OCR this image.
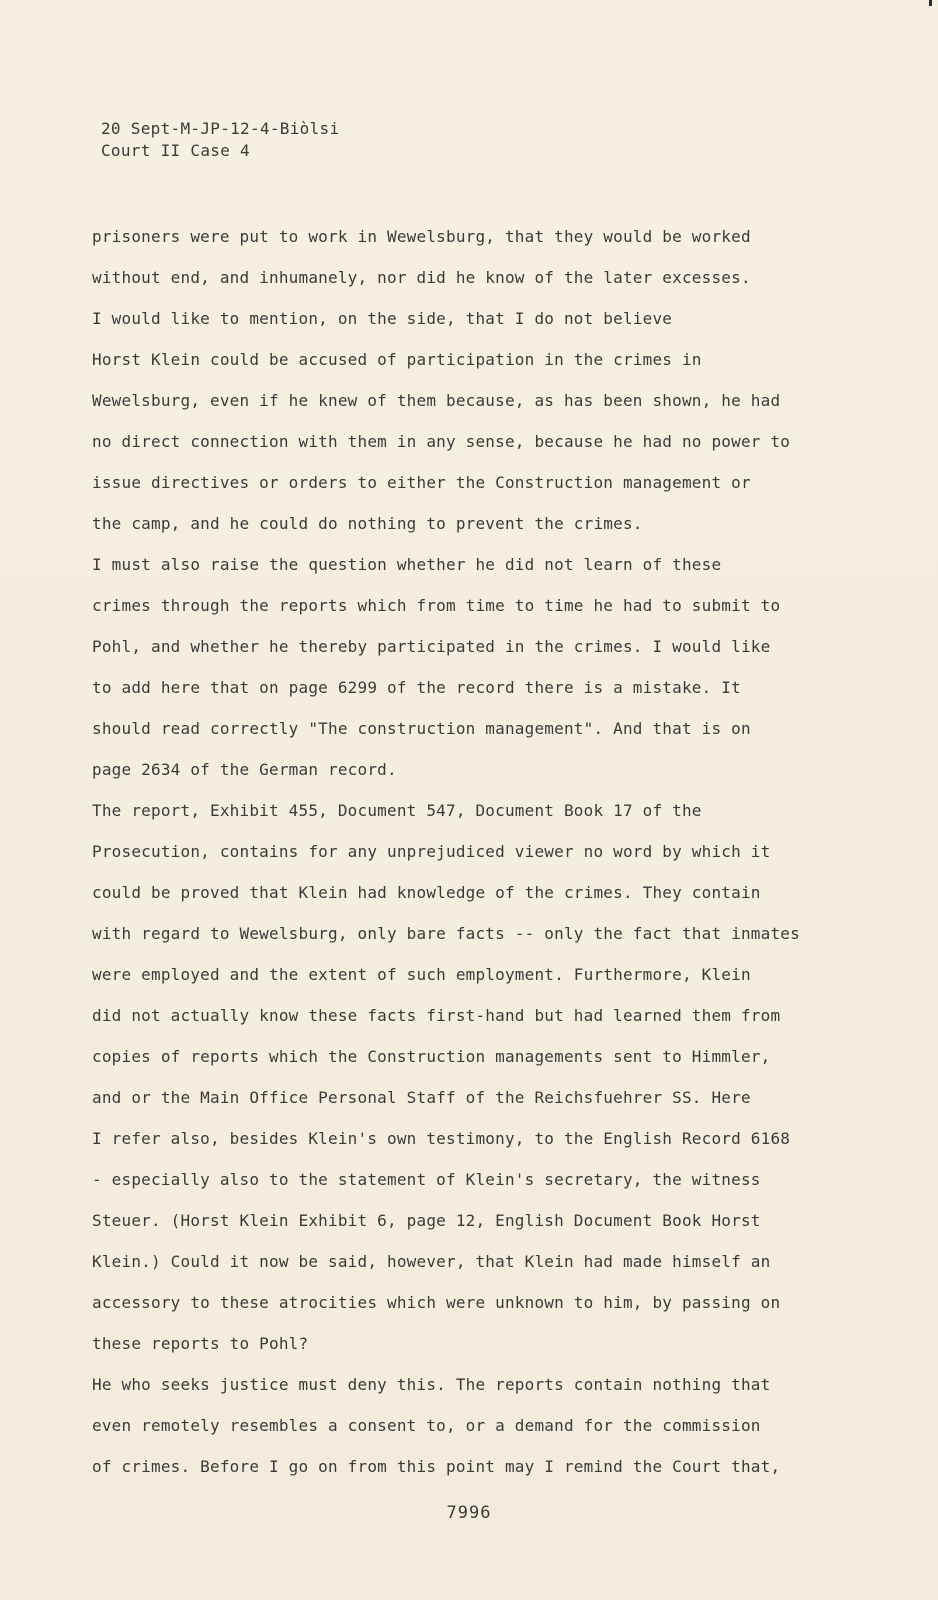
20 Sept-M-JP-12-4-Biòlsi
Court II Case 4
prisoners were put to work in Wewelsburg, that they would be worked
without end, and inhumanely, nor did he know of the later excesses.
I would like to mention, on the side, that I do not believe
Horst Klein could be accused of participation in the crimes in
Wewelsburg, even if he knew of them because, as has been shown, he had
no direct connection with them in any sense, because he had no power to
issue directives or orders to either the Construction management or
the camp, and he could do nothing to prevent the crimes.
I must also raise the question whether he did not learn of these
crimes through the reports which from time to time he had to submit to
Pohl, and whether he thereby participated in the crimes. I would like
to add here that on page 6299 of the record there is a mistake. It
should read correctly "The construction management". And that is on
page 2634 of the German record.
The report, Exhibit 455, Document 547, Document Book 17 of the
Prosecution, contains for any unprejudiced viewer no word by which it
could be proved that Klein had knowledge of the crimes. They contain
with regard to Wewelsburg, only bare facts -- only the fact that inmates
were employed and the extent of such employment. Furthermore, Klein
did not actually know these facts first-hand but had learned them from
copies of reports which the Construction managements sent to Himmler,
and or the Main Office Personal Staff of the Reichsfuehrer SS. Here
I refer also, besides Klein's own testimony, to the English Record 6168
- especially also to the statement of Klein's secretary, the witness
Steuer. (Horst Klein Exhibit 6, page 12, English Document Book Horst
Klein.) Could it now be said, however, that Klein had made himself an
accessory to these atrocities which were unknown to him, by passing on
these reports to Pohl?
He who seeks justice must deny this. The reports contain nothing that
even remotely resembles a consent to, or a demand for the commission
of crimes. Before I go on from this point may I remind the Court that,
7996
